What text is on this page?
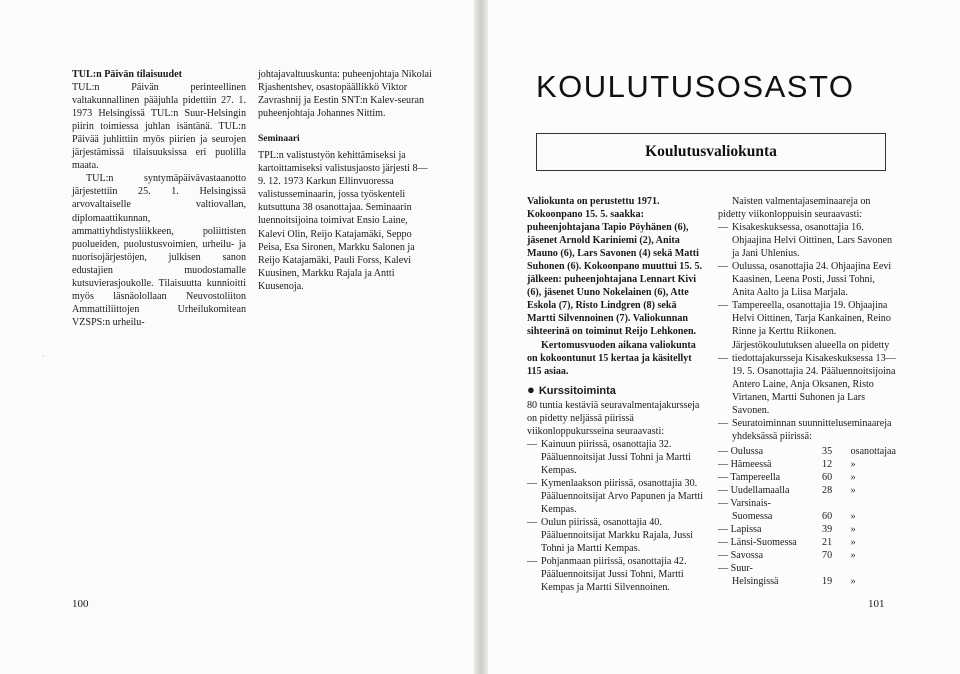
·

TUL:n Päivän tilaisuudet

TUL:n Päivän perinteellinen valtakunnallinen pääjuhla pidettiin 27. 1. 1973 Helsingissä TUL:n Suur-Helsingin piirin toimiessa juhlan isäntänä. TUL:n Päivää juhlittiin myös piirien ja seurojen järjestämissä tilaisuuksissa eri puolilla maata.

TUL:n syntymäpäivävastaanotto järjestettiin 25. 1. Helsingissä arvovaltaiselle valtiovallan, diplomaattikunnan, ammattiyhdistysliikkeen, poliittisten puolueiden, puolustusvoimien, urheilu- ja nuorisojärjestöjen, julkisen sanon edustajien muodostamalle kutsuvierasjoukolle. Tilaisuutta kunnioitti myös läsnäolollaan Neuvostoliiton Ammattiliittojen Urheilukomitean VZSPS:n urheilu-

johtajavaltuuskunta: puheenjohtaja Nikolai Rjashentshev, osastopäällikkö Viktor Zavrashnij ja Eestin SNT:n Kalev-seuran puheenjohtaja Johannes Nittim.

Seminaari

TPL:n valistustyön kehittämiseksi ja kartoittamiseksi valistusjaosto järjesti 8—9. 12. 1973 Karkun Ellinvuoressa valistusseminaarin, jossa työskenteli kutsuttuna 38 osanottajaa. Seminaarin luennoitsijoina toimivat Ensio Laine, Kalevi Olin, Reijo Katajamäki, Seppo Peisa, Esa Sironen, Markku Salonen ja Reijo Katajamäki, Pauli Forss, Kalevi Kuusinen, Markku Rajala ja Antti Kuusenoja.

100
KOULUTUSOSASTO
Koulutusvaliokunta

Valiokunta on perustettu 1971. Kokoonpano 15. 5. saakka: puheenjohtajana Tapio Pöyhänen (6), jäsenet Arnold Kariniemi (2), Anita Mauno (6), Lars Savonen (4) sekä Matti Suhonen (6). Kokoonpano muuttui 15. 5. jälkeen: puheenjohtajana Lennart Kivi (6), jäsenet Uuno Nokelainen (6), Atte Eskola (7), Risto Lindgren (8) sekä Martti Silvennoinen (7). Valiokunnan sihteerinä on toiminut Reijo Lehkonen.

Kertomusvuoden aikana valiokunta on kokoontunut 15 kertaa ja käsitellyt 115 asiaa.

● Kurssitoiminta

80 tuntia kestäviä seuravalmentajakursseja on pidetty neljässä piirissä viikonloppukursseina seuraavasti:

— Kainuun piirissä, osanottajia 32. Pääluennoitsijat Jussi Tohni ja Martti Kempas.
— Kymenlaakson piirissä, osanottajia 30. Pääluennoitsijat Arvo Papunen ja Martti Kempas.
— Oulun piirissä, osanottajia 40. Pääluennoitsijat Markku Rajala, Jussi Tohni ja Martti Kempas.
— Pohjanmaan piirissä, osanottajia 42. Pääluennoitsijat Jussi Tohni, Martti Kempas ja Martti Silvennoinen.

Naisten valmentajaseminaareja on pidetty viikonloppuisin seuraavasti:

— Kisakeskuksessa, osanottajia 16. Ohjaajina Helvi Oittinen, Lars Savonen ja Jani Uhlenius.
— Oulussa, osanottajia 24. Ohjaajina Eevi Kaasinen, Leena Posti, Jussi Tohni, Anita Aalto ja Liisa Marjala.
— Tampereella, osanottajia 19. Ohjaajina Helvi Oittinen, Tarja Kankainen, Reino Rinne ja Kerttu Riikonen.

Järjestökoulutuksen alueella on pidetty

— tiedottajakursseja Kisakeskuksessa 13—19. 5. Osanottajia 24. Pääluennoitsijoina Antero Laine, Anja Oksanen, Risto Virtanen, Martti Suhonen ja Lars Savonen.
— Seuratoiminnan suunnitteluseminaareja yhdeksässä piirissä:
— Oulussa	35	osanottajaa
— Hämeessä	12	»
— Tampereella	60	»
— Uudellamaalla	28	»
— Varsinais-		
Suomessa	60	»
— Lapissa	39	»
— Länsi-Suomessa	21	»
— Savossa	70	»
— Suur-		
Helsingissä	19	»
101
